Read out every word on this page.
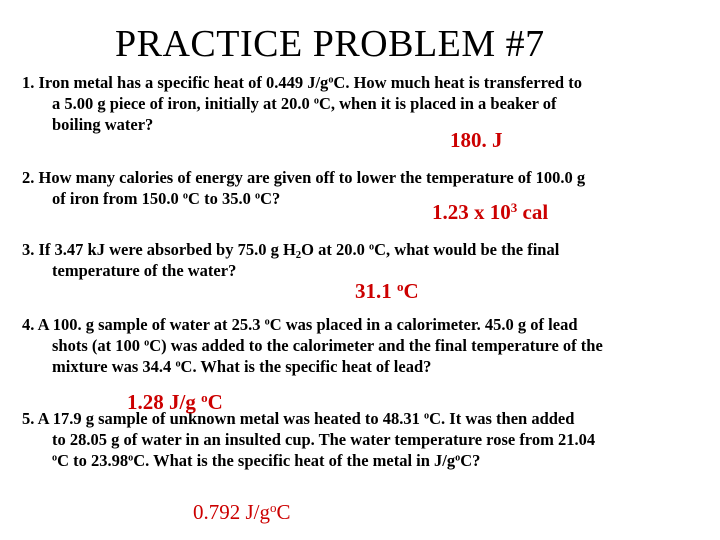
PRACTICE PROBLEM #7
1. Iron metal has a specific heat of 0.449 $J/g^oC$. How much heat is transferred to
a 5.00 g piece of iron, initially at 20.0 $^o$C, when it is placed in a beaker of
boiling water?
180. J
2. How many calories of energy are given off to lower the temperature of 100.0 g
of iron from 150.0 $^o$C to 35.0 $^o$C?
1.23 x $10^3$ cal
3. If 3.47 kJ were absorbed by 75.0 g $H_2O$ at 20.0 $^o$C, what would be the final
temperature of the water?
31.1 $^o$C
4. A 100. g sample of water at 25.3 $^o$C was placed in a calorimeter. 45.0 g of lead
shots (at 100 $^o$C) was added to the calorimeter and the final temperature of the
mixture was 34.4 $^o$C. What is the specific heat of lead?
5. A 17.9 g sample of unknown metal was heated to 48.31 $^o$C. It was then added
to 28.05 g of water in an insulted cup. The water temperature rose from 21.04
$^o$C to 23.98$^o$C. What is the specific heat of the metal in $J/g^oC$?
1.28 J/g $^o$C
0.792 $J/g^oC$
